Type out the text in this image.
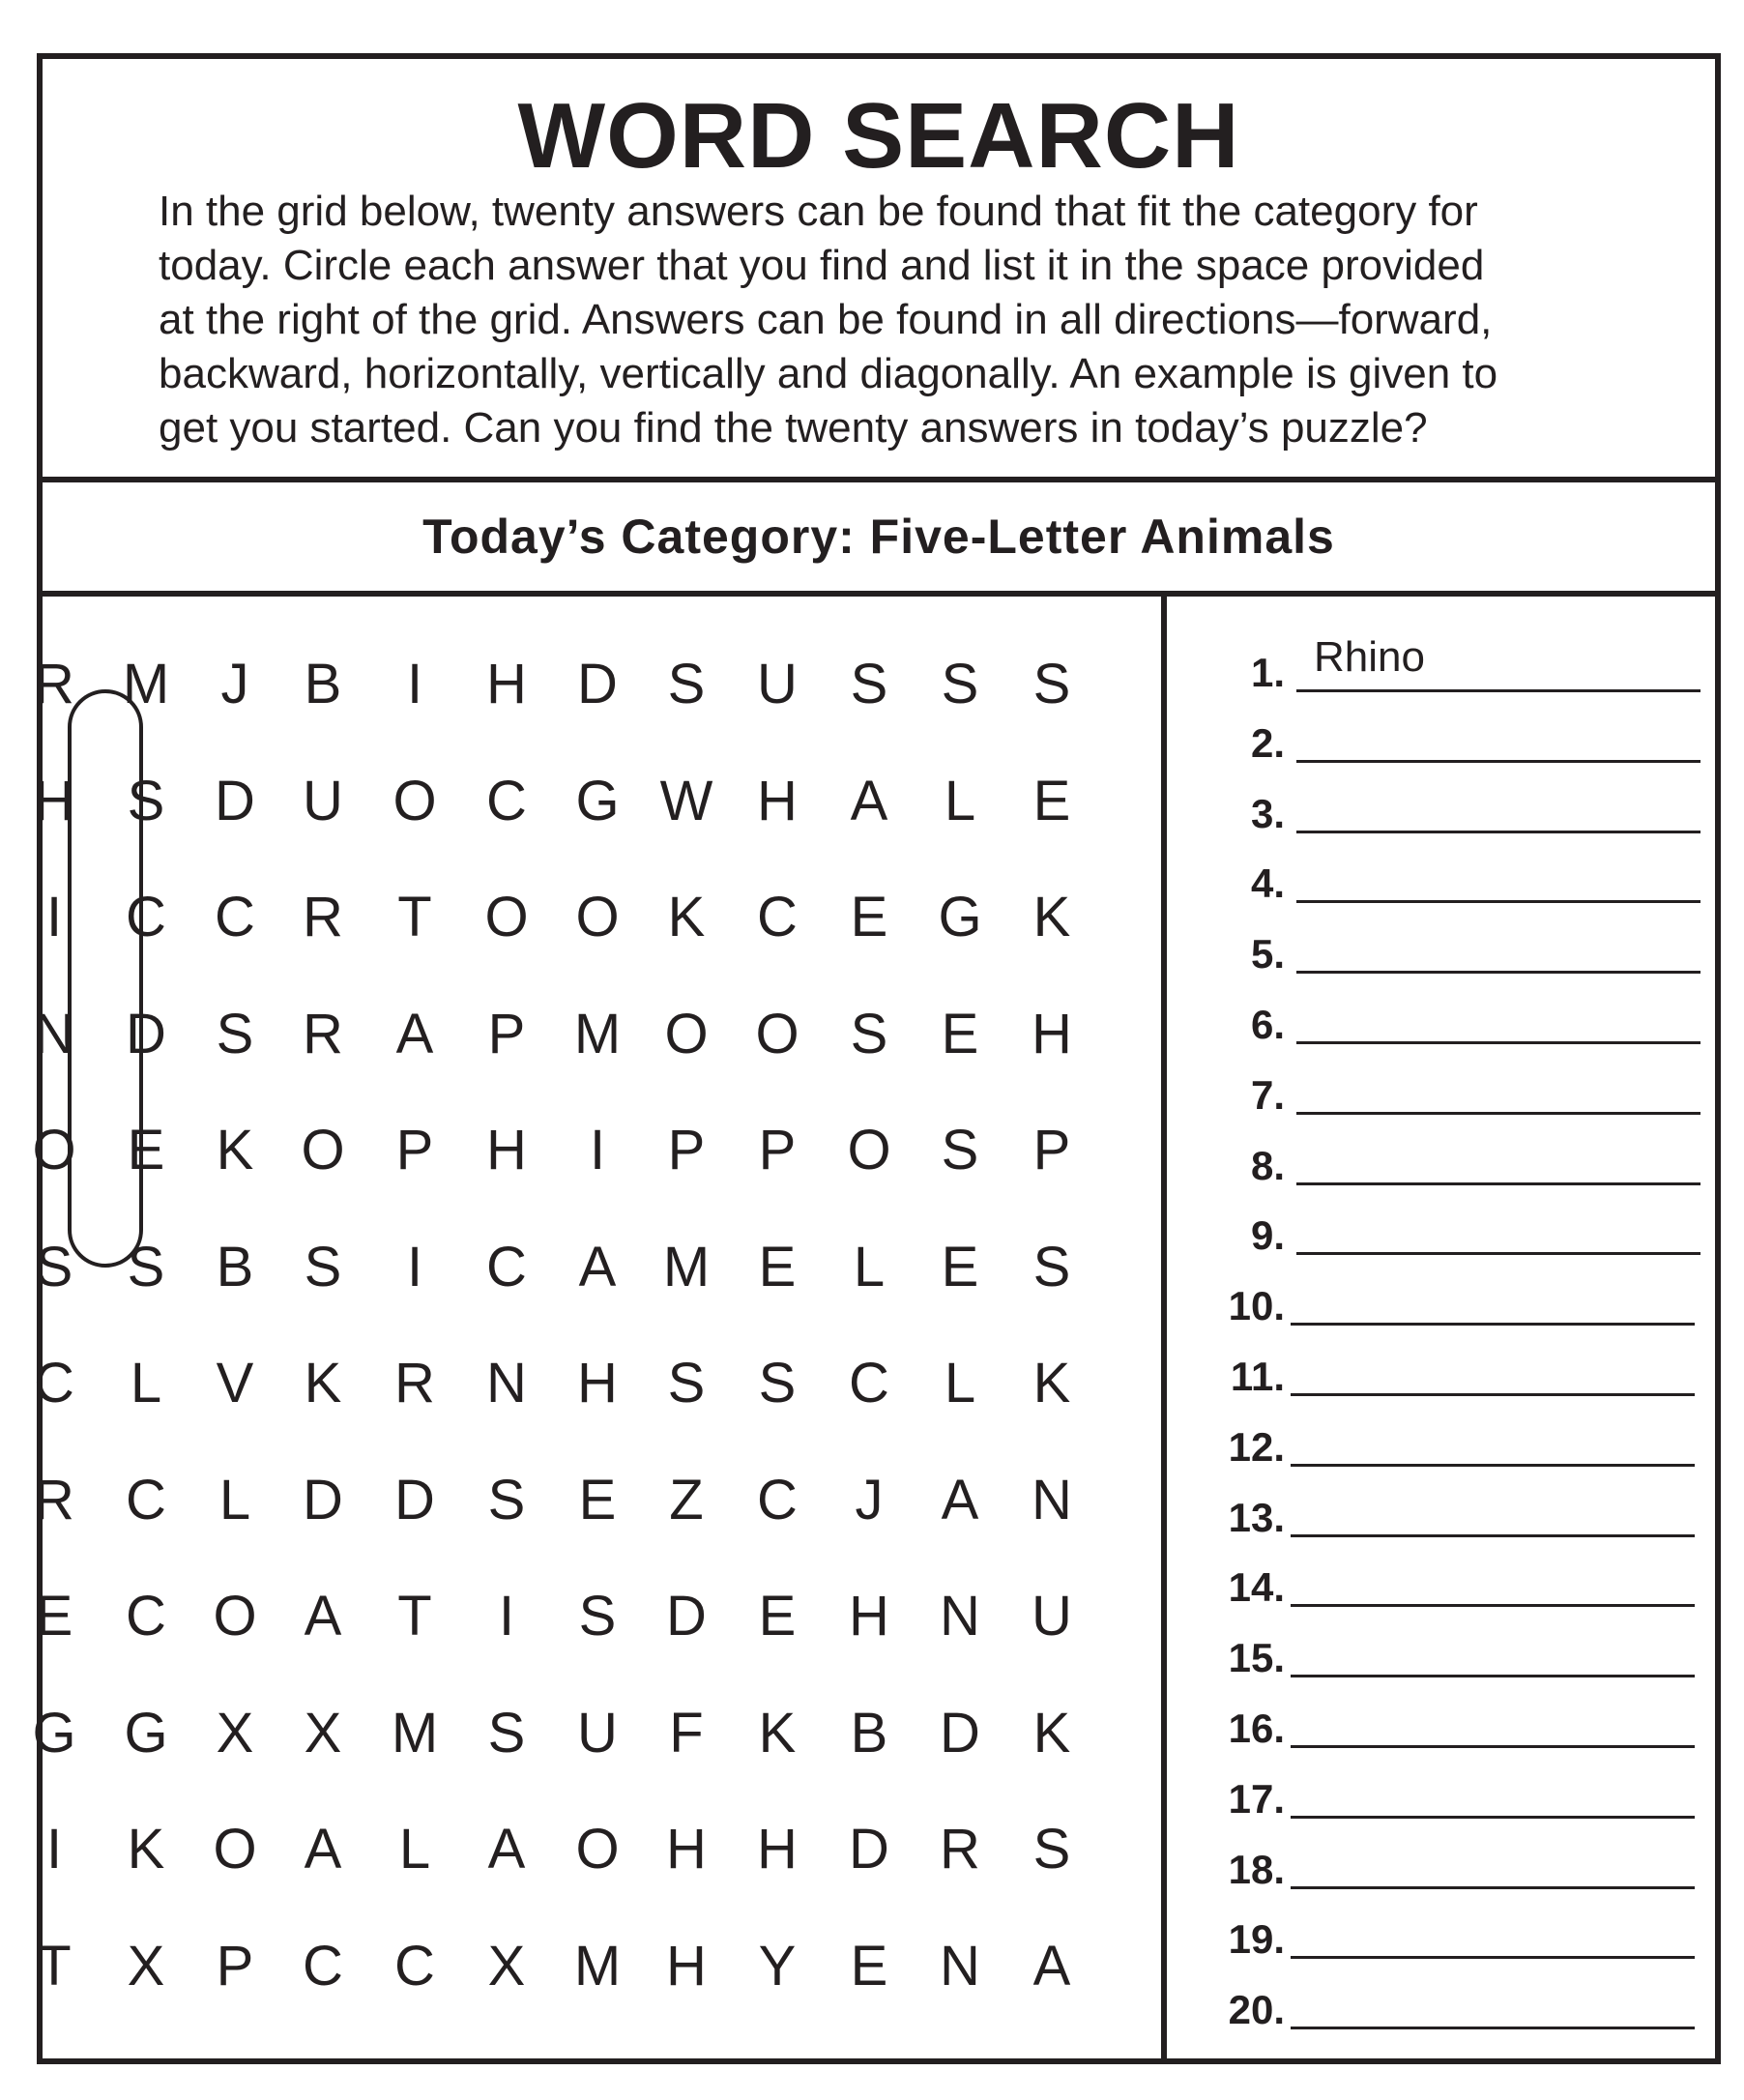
WORD SEARCH
In the grid below, twenty answers can be found that fit the category for
today. Circle each answer that you find and list it in the space provided
at the right of the grid. Answers can be found in all directions—forward,
backward, horizontally, vertically and diagonally. An example is given to
get you started. Can you find the twenty answers in today’s puzzle?
Today’s Category: Five-Letter Animals
R M J B	I	H D S U S S S
H S D U O C G W H A	L	E
I	C C R T O O K C E G K
N D S R A P M O O S E H
O E K O P H	I	P P O S P
S S B S	I	C A M E	L	E S
C L V K R N H S S C L	K
R C L D D S E Z C	J	A N
E C O A T	I	S D E H N U
G G X X M S U F K B D K
I	K O A	L	A O H H D R S
T X P C C X M H Y E N A
1. Rhino
2.
3.
4.
5.
6.
7.
8.
9.
10.
11.
12.
13.
14.
15.
16.
17.
18.
19.
20.
